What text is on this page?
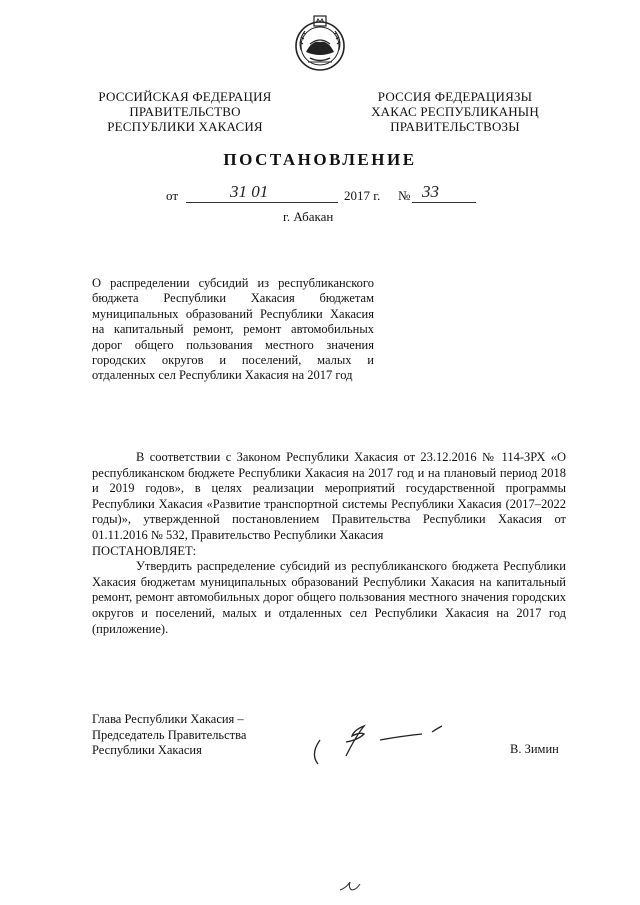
РОССИЙСКАЯ ФЕДЕРАЦИЯ
ПРАВИТЕЛЬСТВО
РЕСПУБЛИКИ ХАКАСИЯ
РОССИЯ ФЕДЕРАЦИЯЗЫ
ХАКАС РЕСПУБЛИКАНЫҢ
ПРАВИТЕЛЬСТВОЗЫ
ПОСТАНОВЛЕНИЕ
от	31 01	2017 г. № 33
г. Абакан
О распределении субсидий из республиканского бюджета Республики Хакасия бюджетам муниципальных образований Республики Хакасия на капитальный ремонт, ремонт автомобильных дорог общего пользования местного значения городских округов и поселений, малых и отдаленных сел Республики Хакасия на 2017 год

В соответствии с Законом Республики Хакасия от 23.12.2016 № 114-ЗРХ «О республиканском бюджете Республики Хакасия на 2017 год и на плановый период 2018 и 2019 годов», в целях реализации мероприятий государственной программы Республики Хакасия «Развитие транспортной системы Республики Хакасия (2017–2022 годы)», утвержденной постановлением Правительства Республики Хакасия от 01.11.2016 № 532, Правительство Республики Хакасия

ПОСТАНОВЛЯЕТ:

Утвердить распределение субсидий из республиканского бюджета Республики Хакасия бюджетам муниципальных образований Республики Хакасия на капитальный ремонт, ремонт автомобильных дорог общего пользования местного значения городских округов и поселений, малых и отдаленных сел Республики Хакасия на 2017 год (приложение).

Глава Республики Хакасия –
Председатель Правительства
Республики Хакасия	В. Зимин
